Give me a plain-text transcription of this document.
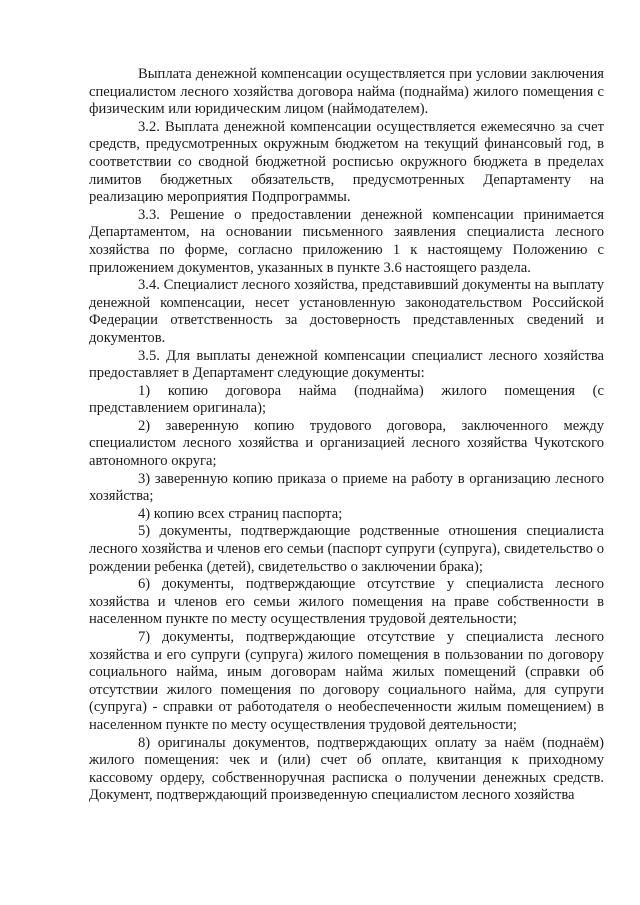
Выплата денежной компенсации осуществляется при условии заключения специалистом лесного хозяйства договора найма (поднайма) жилого помещения с физическим или юридическим лицом (наймодателем).

3.2. Выплата денежной компенсации осуществляется ежемесячно за счет средств, предусмотренных окружным бюджетом на текущий финансовый год, в соответствии со сводной бюджетной росписью окружного бюджета в пределах лимитов бюджетных обязательств, предусмотренных Департаменту на реализацию мероприятия Подпрограммы.

3.3. Решение о предоставлении денежной компенсации принимается Департаментом, на основании письменного заявления специалиста лесного хозяйства по форме, согласно приложению 1 к настоящему Положению с приложением документов, указанных в пункте 3.6 настоящего раздела.

3.4. Специалист лесного хозяйства, представивший документы на выплату денежной компенсации, несет установленную законодательством Российской Федерации ответственность за достоверность представленных сведений и документов.

3.5. Для выплаты денежной компенсации специалист лесного хозяйства предоставляет в Департамент следующие документы:

1) копию договора найма (поднайма) жилого помещения (с представлением оригинала);

2) заверенную копию трудового договора, заключенного между специалистом лесного хозяйства и организацией лесного хозяйства Чукотского автономного округа;

3) заверенную копию приказа о приеме на работу в организацию лесного хозяйства;

4) копию всех страниц паспорта;

5) документы, подтверждающие родственные отношения специалиста лесного хозяйства и членов его семьи (паспорт супруги (супруга), свидетельство о рождении ребенка (детей), свидетельство о заключении брака);

6) документы, подтверждающие отсутствие у специалиста лесного хозяйства и членов его семьи жилого помещения на праве собственности в населенном пункте по месту осуществления трудовой деятельности;

7) документы, подтверждающие отсутствие у специалиста лесного хозяйства и его супруги (супруга) жилого помещения в пользовании по договору социального найма, иным договорам найма жилых помещений (справки об отсутствии жилого помещения по договору социального найма, для супруги (супруга) - справки от работодателя о необеспеченности жилым помещением) в населенном пункте по месту осуществления трудовой деятельности;

8) оригиналы документов, подтверждающих оплату за наём (поднаём) жилого помещения: чек и (или) счет об оплате, квитанция к приходному кассовому ордеру, собственноручная расписка о получении денежных средств. Документ, подтверждающий произведенную специалистом лесного хозяйства
